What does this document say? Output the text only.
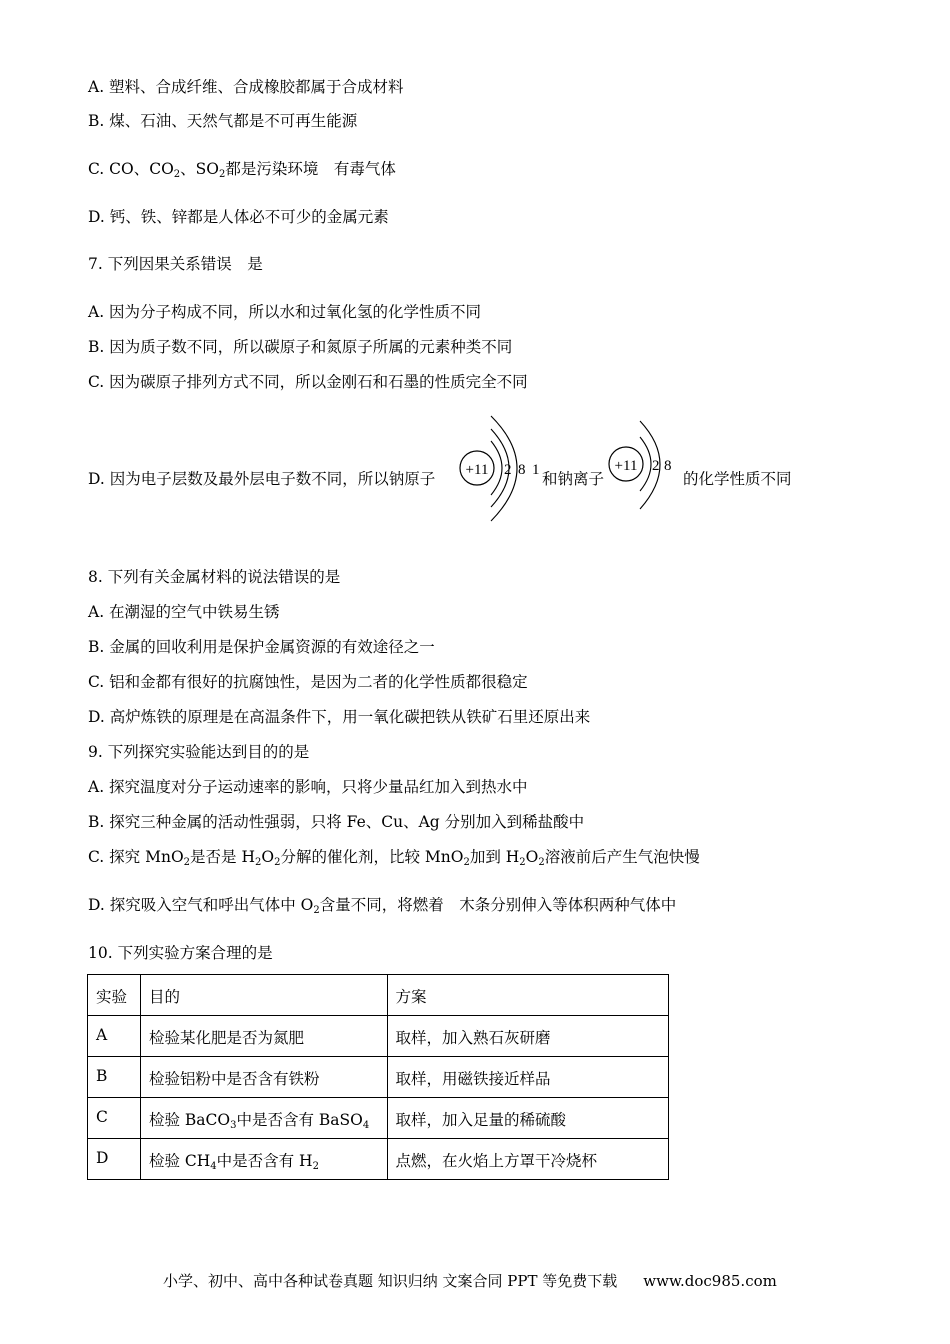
A. 塑料、合成纤维、合成橡胶都属于合成材料
B. 煤、石油、天然气都是不可再生能源
C. CO、$CO_2$、$SO_2$都是污染环境　有毒气体
D. 钙、铁、锌都是人体必不可少的金属元素
7. 下列因果关系错误　是
A. 因为分子构成不同，所以水和过氧化氢的化学性质不同
B. 因为质子数不同，所以碳原子和氮原子所属的元素种类不同
C. 因为碳原子排列方式不同，所以金刚石和石墨的性质完全不同
D. 因为电子层数及最外层电子数不同，所以钠原子	和钠离子	的化学性质不同
+11 2 8 1	+11 2 8
8. 下列有关金属材料的说法错误的是
A. 在潮湿的空气中铁易生锈
B. 金属的回收利用是保护金属资源的有效途径之一
C. 铝和金都有很好的抗腐蚀性，是因为二者的化学性质都很稳定
D. 高炉炼铁的原理是在高温条件下，用一氧化碳把铁从铁矿石里还原出来
9. 下列探究实验能达到目的的是
A. 探究温度对分子运动速率的影响，只将少量品红加入到热水中
B. 探究三种金属的活动性强弱，只将 Fe、Cu、Ag 分别加入到稀盐酸中
C. 探究 MnO$_2$是否是 $H_2O_2$分解的催化剂，比较 MnO$_2$加到 $H_2O_2$溶液前后产生气泡快慢
D. 探究吸入空气和呼出气体中 $O_2$含量不同，将燃着　木条分别伸入等体积两种气体中
10. 下列实验方案合理的是
实验	目的	方案
A	检验某化肥是否为氮肥	取样，加入熟石灰研磨
B	检验铝粉中是否含有铁粉	取样，用磁铁接近样品
C	检验 BaCO$_3$中是否含有 BaSO$_4$	取样，加入足量的稀硫酸
D	检验 $CH_4$中是否含有 $H_2$	点燃，在火焰上方罩干冷烧杯
小学、初中、高中各种试卷真题 知识归纳 文案合同 PPT 等免费下载 www.doc985.com
